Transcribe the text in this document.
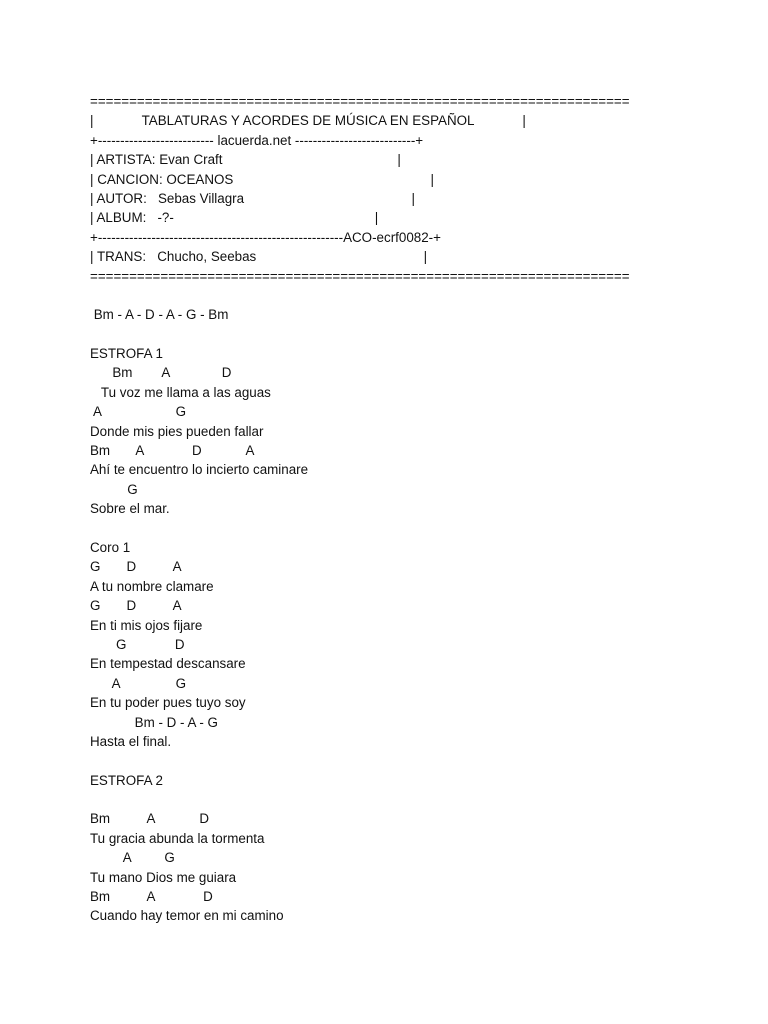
=====================================================================
|             TABLATURAS Y ACORDES DE MÚSICA EN ESPAÑOL             |
+-------------------------- lacuerda.net ---------------------------+
| ARTISTA: Evan Craft                                               |
| CANCION: OCEANOS                                                     |
| AUTOR:   Sebas Villagra                                             |
| ALBUM:   -?-                                                      |
+-------------------------------------------------------ACO-ecrf0082-+
| TRANS:   Chucho, Seebas                                             |
=====================================================================
Bm - A - D - A - G - Bm
ESTROFA 1
Bm        A              D
Tu voz me llama a las aguas
A                    G
Donde mis pies pueden fallar
Bm       A             D            A
Ahí te encuentro lo incierto caminare
G
Sobre el mar.
Coro 1
G       D          A
A tu nombre clamare
G       D          A
En ti mis ojos fijare
G             D
En tempestad descansare
A               G
En tu poder pues tuyo soy
Bm - D - A - G
Hasta el final.
ESTROFA 2
Bm          A            D
Tu gracia abunda la tormenta
A         G
Tu mano Dios me guiara
Bm          A             D
Cuando hay temor en mi camino
